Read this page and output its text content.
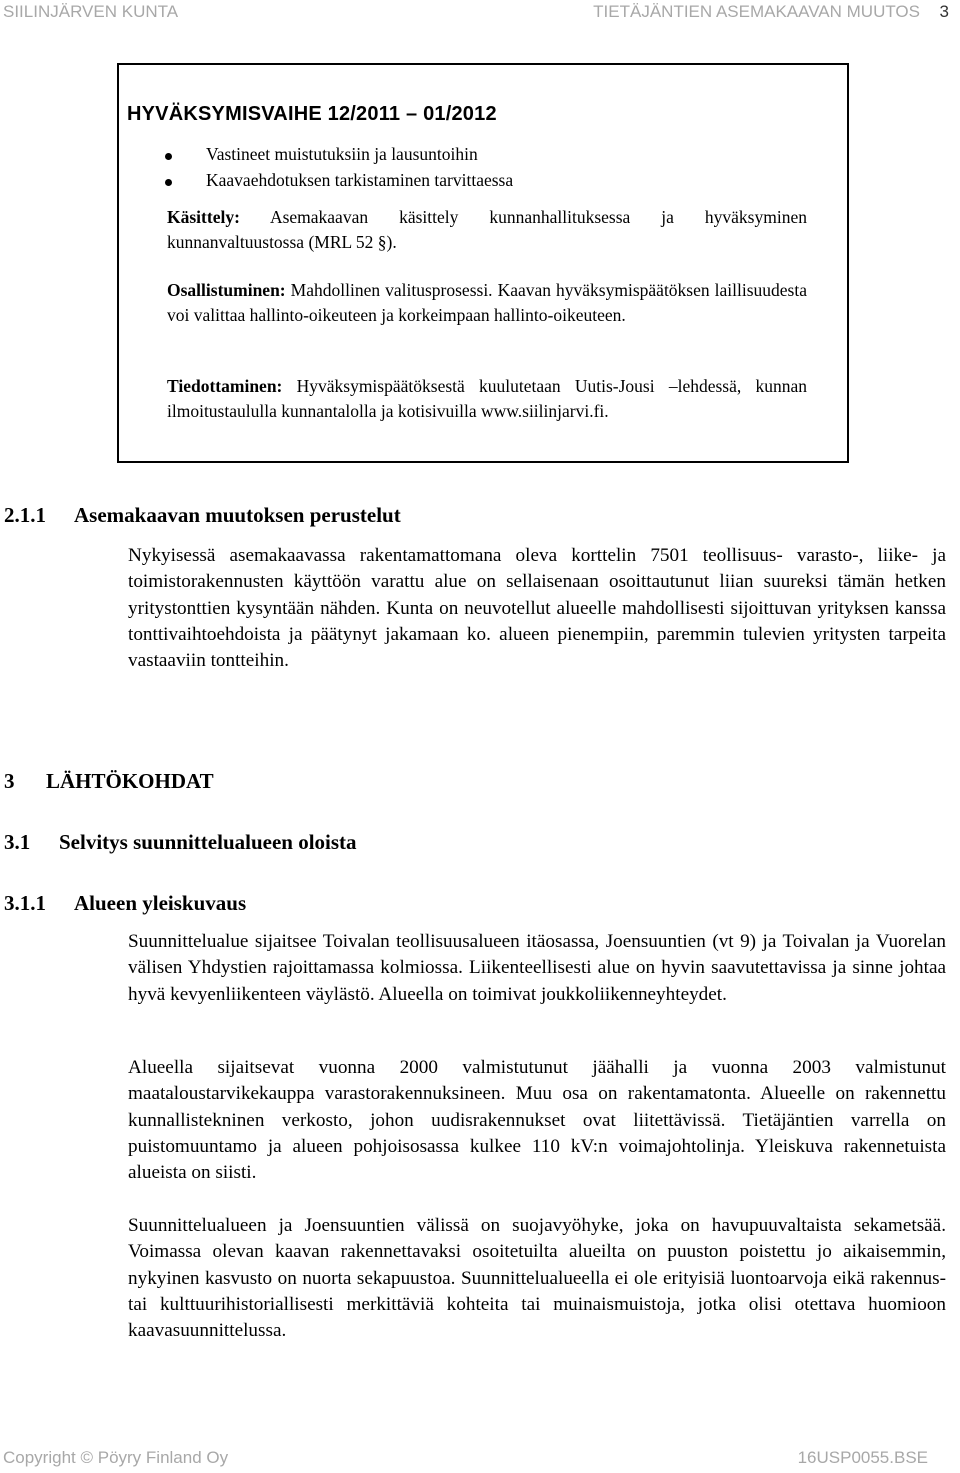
SIILINJÄRVEN KUNTA	TIETÄJÄNTIEN ASEMAKAAVAN MUUTOS 3
HYVÄKSYMISVAIHE 12/2011 – 01/2012
Vastineet muistutuksiin ja lausuntoihin
Kaavaehdotuksen tarkistaminen tarvittaessa
Käsittely: Asemakaavan käsittely kunnanhallituksessa ja hyväksyminen kunnanvaltuustossa (MRL 52 §).
Osallistuminen: Mahdollinen valitusprosessi. Kaavan hyväksymispäätöksen laillisuudesta voi valittaa hallinto-oikeuteen ja korkeimpaan hallinto-oikeuteen.
Tiedottaminen: Hyväksymispäätöksestä kuulutetaan Uutis-Jousi –lehdessä, kunnan ilmoitustaululla kunnantalolla ja kotisivuilla www.siilinjarvi.fi.
2.1.1 Asemakaavan muutoksen perustelut
Nykyisessä asemakaavassa rakentamattomana oleva korttelin 7501 teollisuus- varasto-, liike- ja toimistorakennusten käyttöön varattu alue on sellaisenaan osoittautunut liian suureksi tämän hetken yritystonttien kysyntään nähden. Kunta on neuvotellut alueelle mahdollisesti sijoittuvan yrityksen kanssa tonttivaihtoehdoista ja päätynyt jakamaan ko. alueen pienempiin, paremmin tulevien yritysten tarpeita vastaaviin tontteihin.
3 LÄHTÖKOHDAT
3.1 Selvitys suunnittelualueen oloista
3.1.1 Alueen yleiskuvaus
Suunnittelualue sijaitsee Toivalan teollisuusalueen itäosassa, Joensuuntien (vt 9) ja Toivalan ja Vuorelan välisen Yhdystien rajoittamassa kolmiossa. Liikenteellisesti alue on hyvin saavutettavissa ja sinne johtaa hyvä kevyenliikenteen väylästö. Alueella on toimivat joukkoliikenneyhteydet.
Alueella sijaitsevat vuonna 2000 valmistutunut jäähalli ja vuonna 2003 valmistunut maataloustarvikekauppa varastorakennuksineen. Muu osa on rakentamatonta. Alueelle on rakennettu kunnallistekninen verkosto, johon uudisrakennukset ovat liitettävissä. Tietäjäntien varrella on puistomuuntamo ja alueen pohjoisosassa kulkee 110 kV:n voimajohtolinja. Yleiskuva rakennetuista alueista on siisti.
Suunnittelualueen ja Joensuuntien välissä on suojavyöhyke, joka on havupuuvaltaista sekametsää. Voimassa olevan kaavan rakennettavaksi osoitetuilta alueilta on puuston poistettu jo aikaisemmin, nykyinen kasvusto on nuorta sekapuustoa. Suunnittelualueella ei ole erityisiä luontoarvoja eikä rakennus- tai kulttuurihistoriallisesti merkittäviä kohteita tai muinaismuistoja, jotka olisi otettava huomioon kaavasuunnittelussa.
Copyright © Pöyry Finland Oy	16USP0055.BSE
